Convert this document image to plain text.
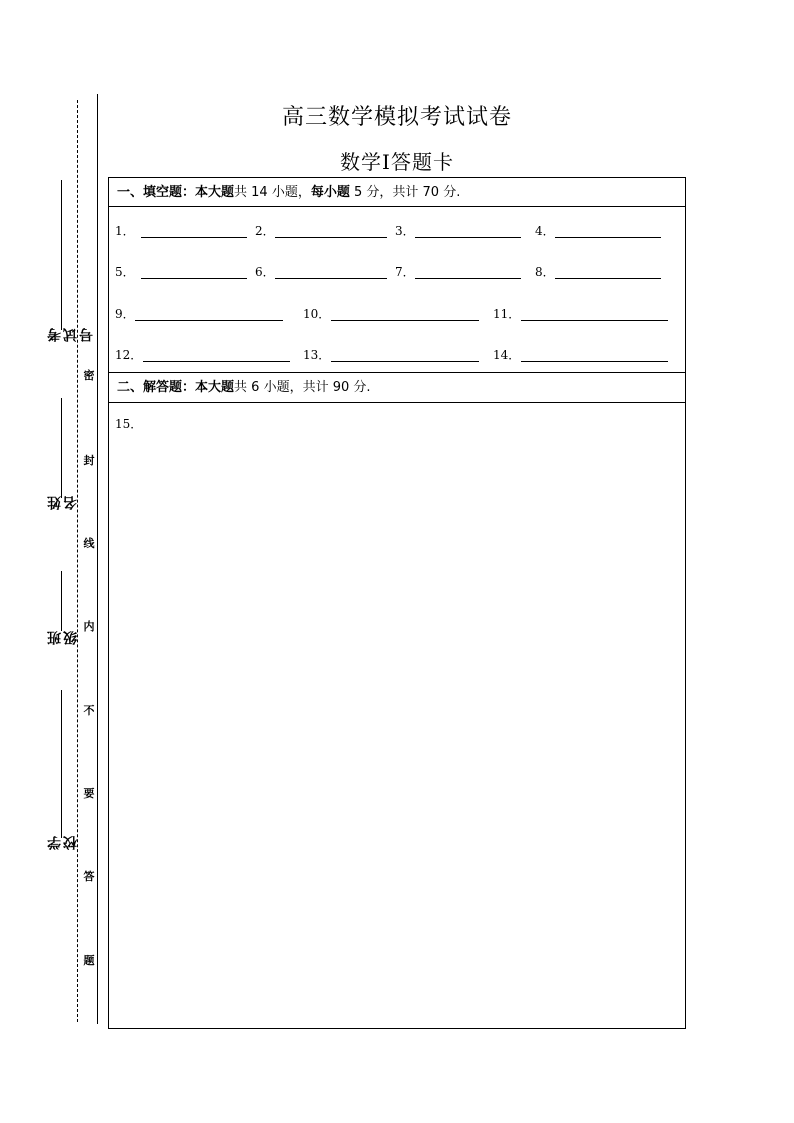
高三数学模拟考试试卷
数学Ⅰ答题卡
密
封
线
内
不
要
答
题
考试号
姓名
班级
学校
一、填空题：本大题共 14 小题，每小题 5 分，共计 70 分.
1．	2．	3．	4．
5．	6．	7．	8．
9．	10．	11．
12．	13．	14．
二、解答题：本大题共 6 小题，共计 90 分.
15．
